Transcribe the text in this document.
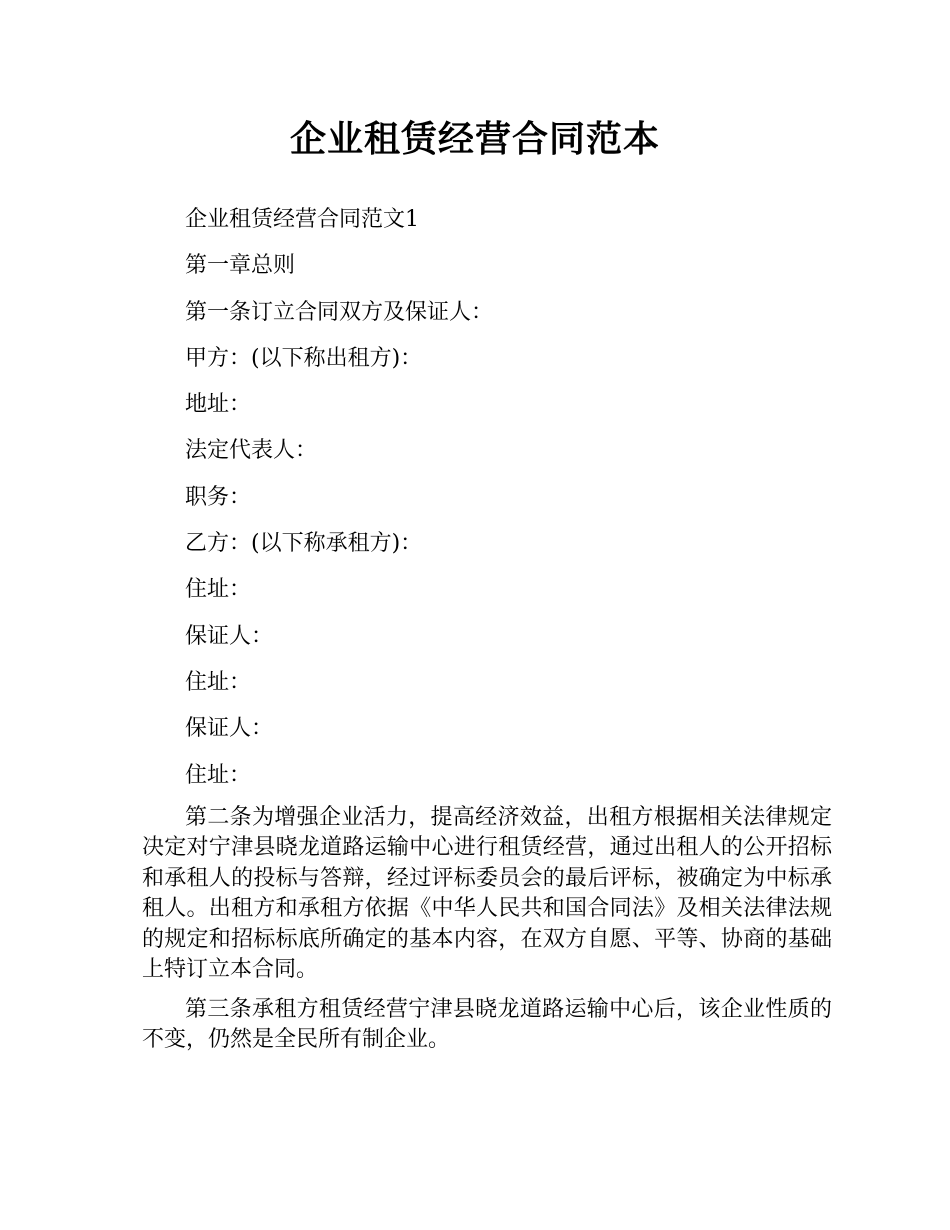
企业租赁经营合同范本

企业租赁经营合同范文1

第一章总则

第一条订立合同双方及保证人：

甲方：(以下称出租方)：

地址：

法定代表人：

职务：

乙方：(以下称承租方)：

住址：

保证人：

住址：

保证人：

住址：

第二条为增强企业活力，提高经济效益，出租方根据相关法律规定决定对宁津县晓龙道路运输中心进行租赁经营，通过出租人的公开招标和承租人的投标与答辩，经过评标委员会的最后评标，被确定为中标承租人。出租方和承租方依据《中华人民共和国合同法》及相关法律法规的规定和招标标底所确定的基本内容，在双方自愿、平等、协商的基础上特订立本合同。

第三条承租方租赁经营宁津县晓龙道路运输中心后，该企业性质的不变，仍然是全民所有制企业。
